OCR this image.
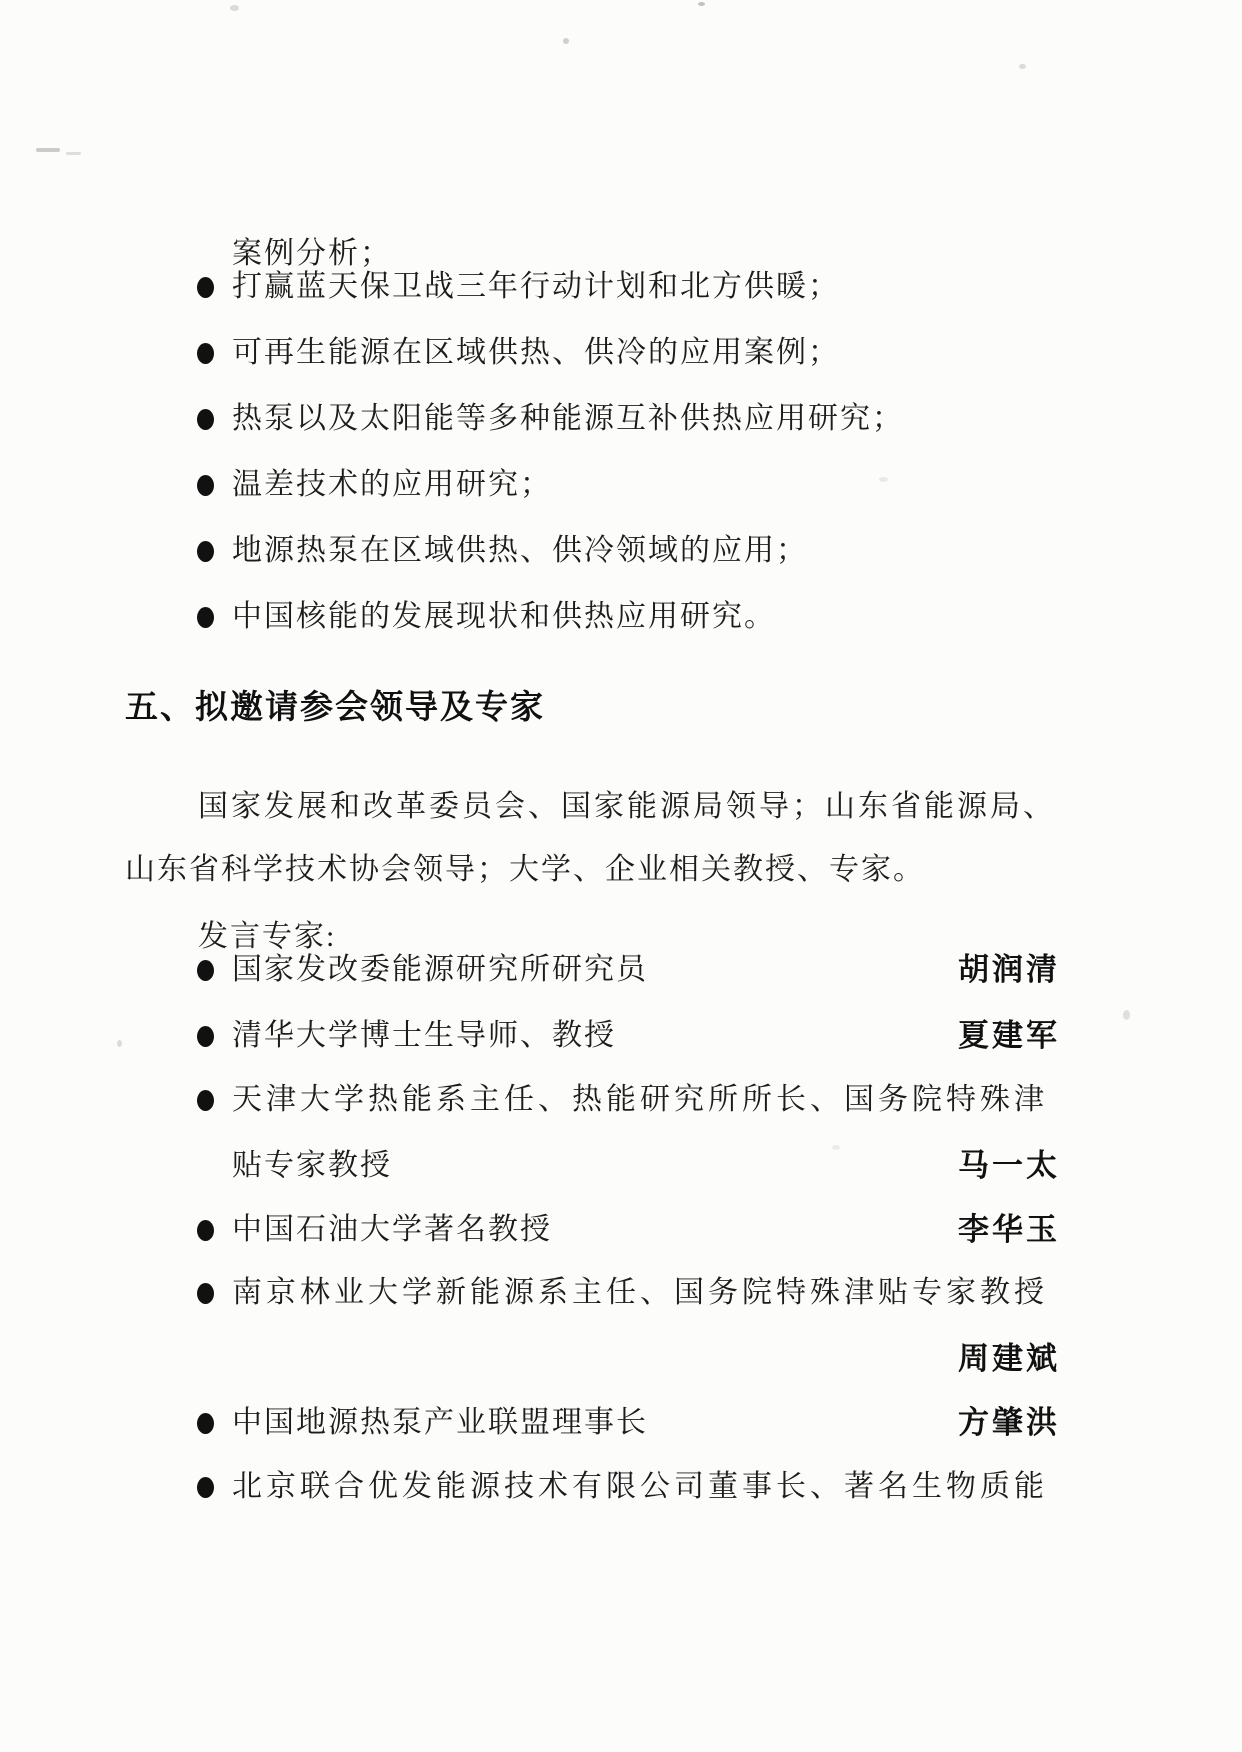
案例分析；

打赢蓝天保卫战三年行动计划和北方供暖；
可再生能源在区域供热、供冷的应用案例；
热泵以及太阳能等多种能源互补供热应用研究；
温差技术的应用研究；
地源热泵在区域供热、供冷领域的应用；
中国核能的发展现状和供热应用研究。
五、拟邀请参会领导及专家

国家发展和改革委员会、国家能源局领导；山东省能源局、

山东省科学技术协会领导；大学、企业相关教授、专家。

发言专家:

国家发改委能源研究所研究员	胡润清
清华大学博士生导师、教授	夏建军
天津大学热能系主任、热能研究所所长、国务院特殊津
贴专家教授	马一太
中国石油大学著名教授	李华玉
南京林业大学新能源系主任、国务院特殊津贴专家教授
周建斌
中国地源热泵产业联盟理事长	方肇洪
北京联合优发能源技术有限公司董事长、著名生物质能
